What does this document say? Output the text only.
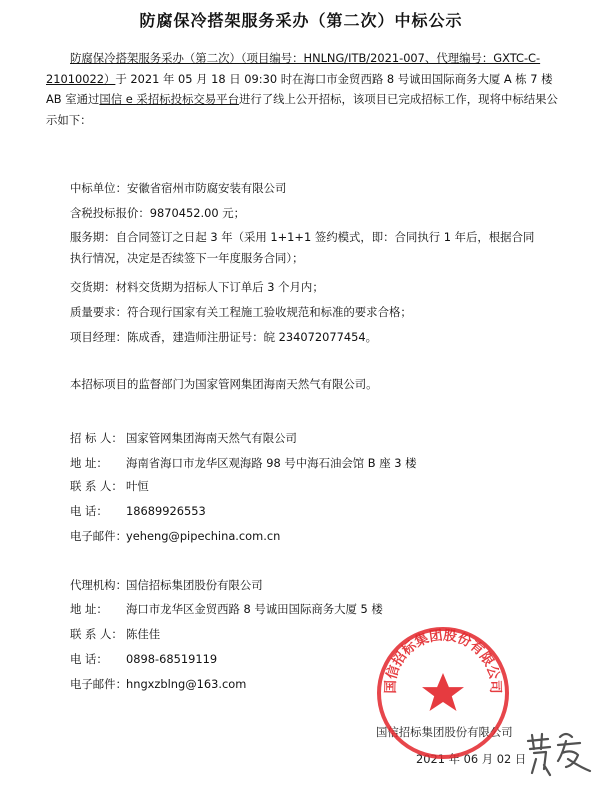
防腐保冷搭架服务采办（第二次）中标公示
防腐保冷搭架服务采办（第二次）（项目编号：HNLNG/ITB/2021-007、代理编号：GXTC-C-21010022）于 2021 年 05 月 18 日 09:30 时在海口市金贸西路 8 号诚田国际商务大厦 A 栋 7 楼 AB 室通过国信 e 采招标投标交易平台进行了线上公开招标，该项目已完成招标工作，现将中标结果公示如下：
中标单位：安徽省宿州市防腐安装有限公司
含税投标报价：9870452.00 元；
服务期：自合同签订之日起 3 年（采用 1+1+1 签约模式，即：合同执行 1 年后，根据合同执行情况，决定是否续签下一年度服务合同）；
交货期：材料交货期为招标人下订单后 3 个月内；
质量要求：符合现行国家有关工程施工验收规范和标准的要求合格；
项目经理：陈成香，建造师注册证号：皖 234072077454。
本招标项目的监督部门为国家管网集团海南天然气有限公司。
招 标 人： 国家管网集团海南天然气有限公司
地 址： 海南省海口市龙华区观海路 98 号中海石油会馆 B 座 3 楼
联 系 人： 叶恒
电 话： 18689926553
电子邮件：yeheng@pipechina.com.cn
代理机构：国信招标集团股份有限公司
地 址： 海口市龙华区金贸西路 8 号诚田国际商务大厦 5 楼
联 系 人： 陈佳佳
电 话： 0898-68519119
电子邮件：hngxzblng@163.com
国信招标集团股份有限公司
2021 年 06 月 02 日
国信招标集团股份有限公司
